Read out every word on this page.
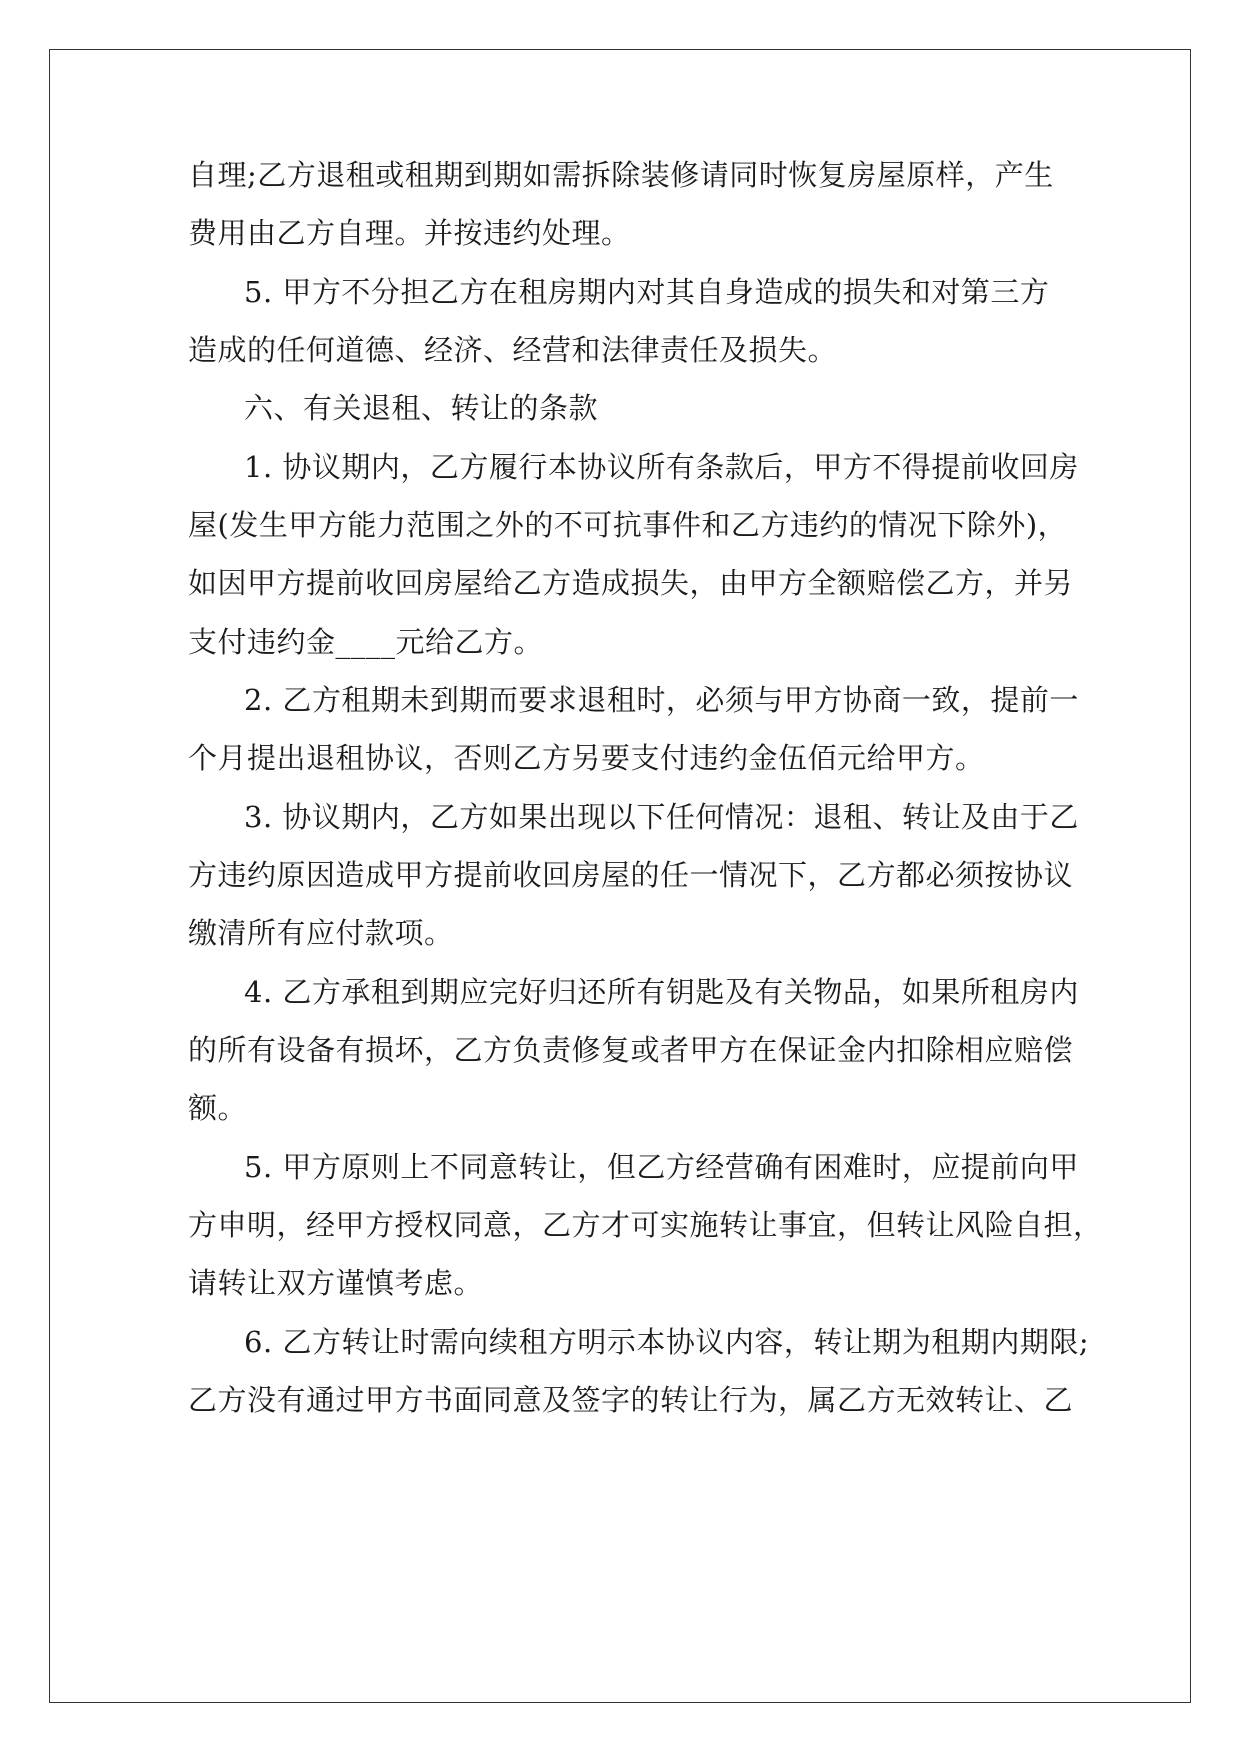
自理;乙方退租或租期到期如需拆除装修请同时恢复房屋原样，产生
费用由乙方自理。并按违约处理。
5. 甲方不分担乙方在租房期内对其自身造成的损失和对第三方
造成的任何道德、经济、经营和法律责任及损失。
六、有关退租、转让的条款
1. 协议期内，乙方履行本协议所有条款后，甲方不得提前收回房
屋(发生甲方能力范围之外的不可抗事件和乙方违约的情况下除外)，
如因甲方提前收回房屋给乙方造成损失，由甲方全额赔偿乙方，并另
支付违约金____元给乙方。
2. 乙方租期未到期而要求退租时，必须与甲方协商一致，提前一
个月提出退租协议，否则乙方另要支付违约金伍佰元给甲方。
3. 协议期内，乙方如果出现以下任何情况：退租、转让及由于乙
方违约原因造成甲方提前收回房屋的任一情况下，乙方都必须按协议
缴清所有应付款项。
4. 乙方承租到期应完好归还所有钥匙及有关物品，如果所租房内
的所有设备有损坏，乙方负责修复或者甲方在保证金内扣除相应赔偿
额。
5. 甲方原则上不同意转让，但乙方经营确有困难时，应提前向甲
方申明，经甲方授权同意，乙方才可实施转让事宜，但转让风险自担，
请转让双方谨慎考虑。
6. 乙方转让时需向续租方明示本协议内容，转让期为租期内期限;
乙方没有通过甲方书面同意及签字的转让行为，属乙方无效转让、乙
